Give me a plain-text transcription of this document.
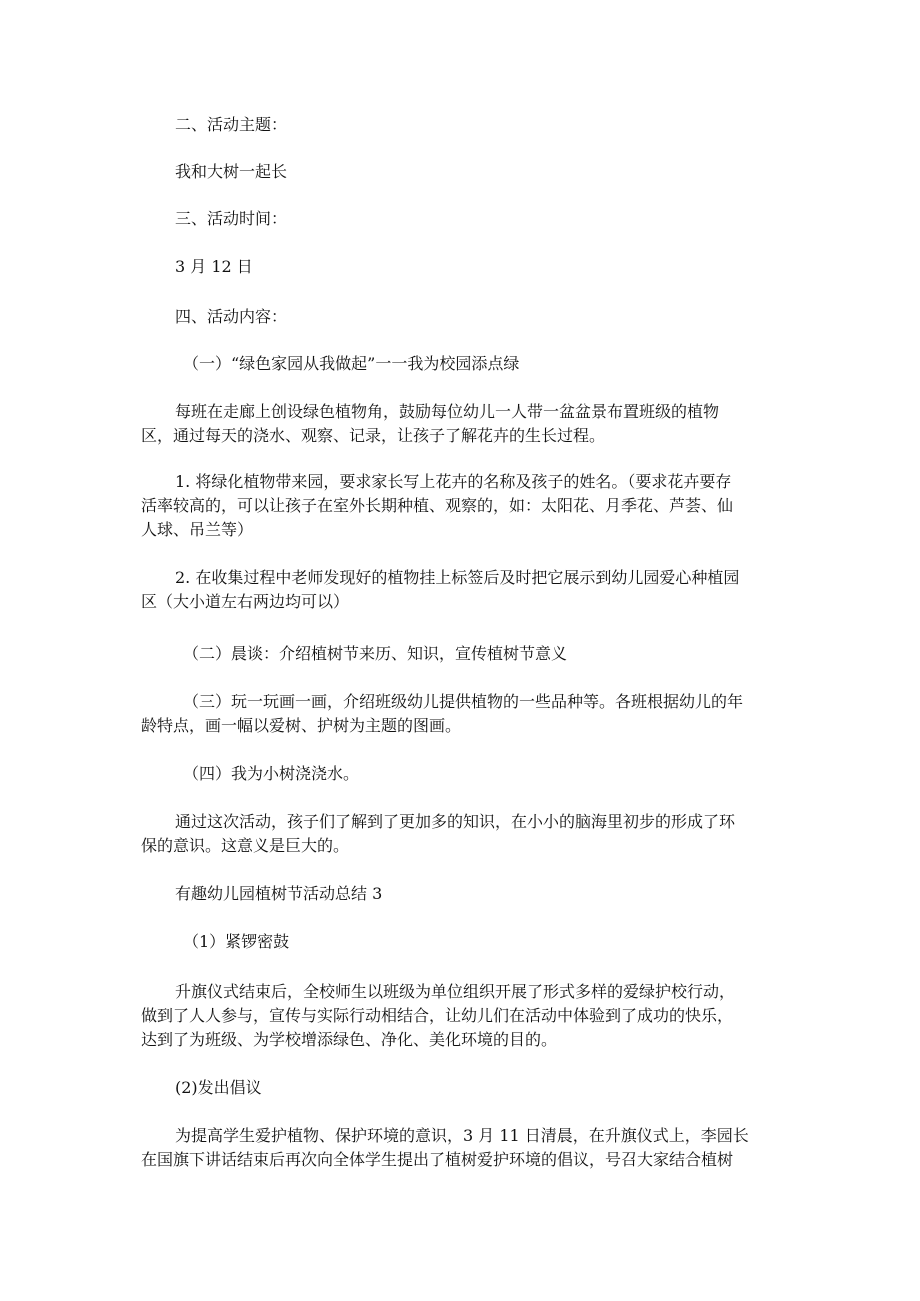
二、活动主题：

我和大树一起长

三、活动时间：

3 月 12 日

四、活动内容：

（一）“绿色家园从我做起”一一我为校园添点绿

每班在走廊上创设绿色植物角，鼓励每位幼儿一人带一盆盆景布置班级的植物
区，通过每天的浇水、观察、记录，让孩子了解花卉的生长过程。
1. 将绿化植物带来园，要求家长写上花卉的名称及孩子的姓名。（要求花卉要存
活率较高的，可以让孩子在室外长期种植、观察的，如：太阳花、月季花、芦荟、仙
人球、吊兰等）
2. 在收集过程中老师发现好的植物挂上标签后及时把它展示到幼儿园爱心种植园
区（大小道左右两边均可以）

（二）晨谈：介绍植树节来历、知识，宣传植树节意义

（三）玩一玩画一画，介绍班级幼儿提供植物的一些品种等。各班根据幼儿的年
龄特点，画一幅以爱树、护树为主题的图画。

（四）我为小树浇浇水。

通过这次活动，孩子们了解到了更加多的知识，在小小的脑海里初步的形成了环
保的意识。这意义是巨大的。

有趣幼儿园植树节活动总结 3

（1）紧锣密鼓

升旗仪式结束后，全校师生以班级为单位组织开展了形式多样的爱绿护校行动，
做到了人人参与，宣传与实际行动相结合，让幼儿们在活动中体验到了成功的快乐，
达到了为班级、为学校增添绿色、净化、美化环境的目的。

(2)发出倡议

为提高学生爱护植物、保护环境的意识，3 月 11 日清晨，在升旗仪式上，李园长
在国旗下讲话结束后再次向全体学生提出了植树爱护环境的倡议，号召大家结合植树
